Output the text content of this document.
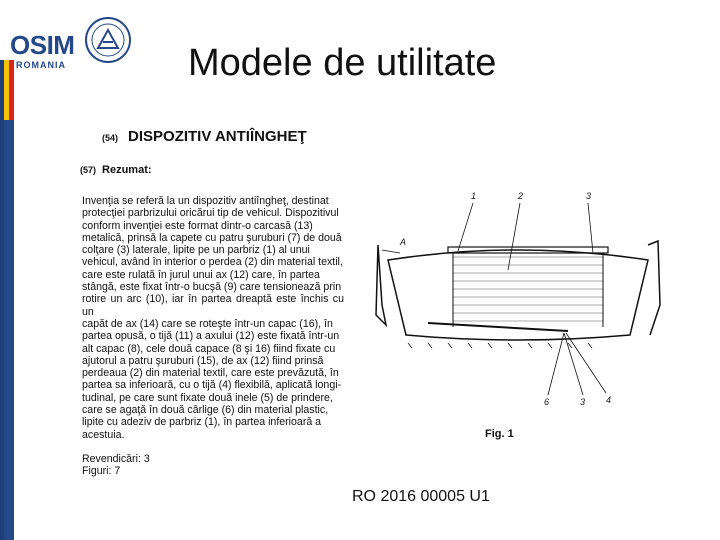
OSIM
ROMANIA	Modele de utilitate
(54) DISPOZITIV ANTIÎNGHEŢ
(57) Rezumat:
Invenţia se referă la un dispozitiv antiîngheţ, destinat
protecţiei parbrizului oricărui tip de vehicul. Dispozitivul
conform invenţiei este format dintr-o carcasă (13)
metalică, prinsă la capete cu patru şuruburi (7) de două
colţare (3) laterale, lipite pe un parbriz (1) al unui
vehicul, având în interior o perdea (2) din material textil,
care este rulată în jurul unui ax (12) care, în partea
stângă, este fixat într-o bucşă (9) care tensionează prin
rotire un arc (10), iar în partea dreaptă este închis cu un
capăt de ax (14) care se roteşte într-un capac (16), în
partea opusă, o tijă (11) a axului (12) este fixată într-un
alt capac (8), cele două capace (8 şi 16) fiind fixate cu
ajutorul a patru şuruburi (15), de ax (12) fiind prinsă
perdeaua (2) din material textil, care este prevăzută, în
partea sa inferioară, cu o tijă (4) flexibilă, aplicată longi-
tudinal, pe care sunt fixate două inele (5) de prindere,
care se agaţă în două cârlige (6) din material plastic,
lipite cu adeziv de parbriz (1), în partea inferioară a
acestuia.
Revendicări: 3
Figuri: 7
1	2	3
A
6	3 4
Fig. 1
RO 2016 00005 U1
